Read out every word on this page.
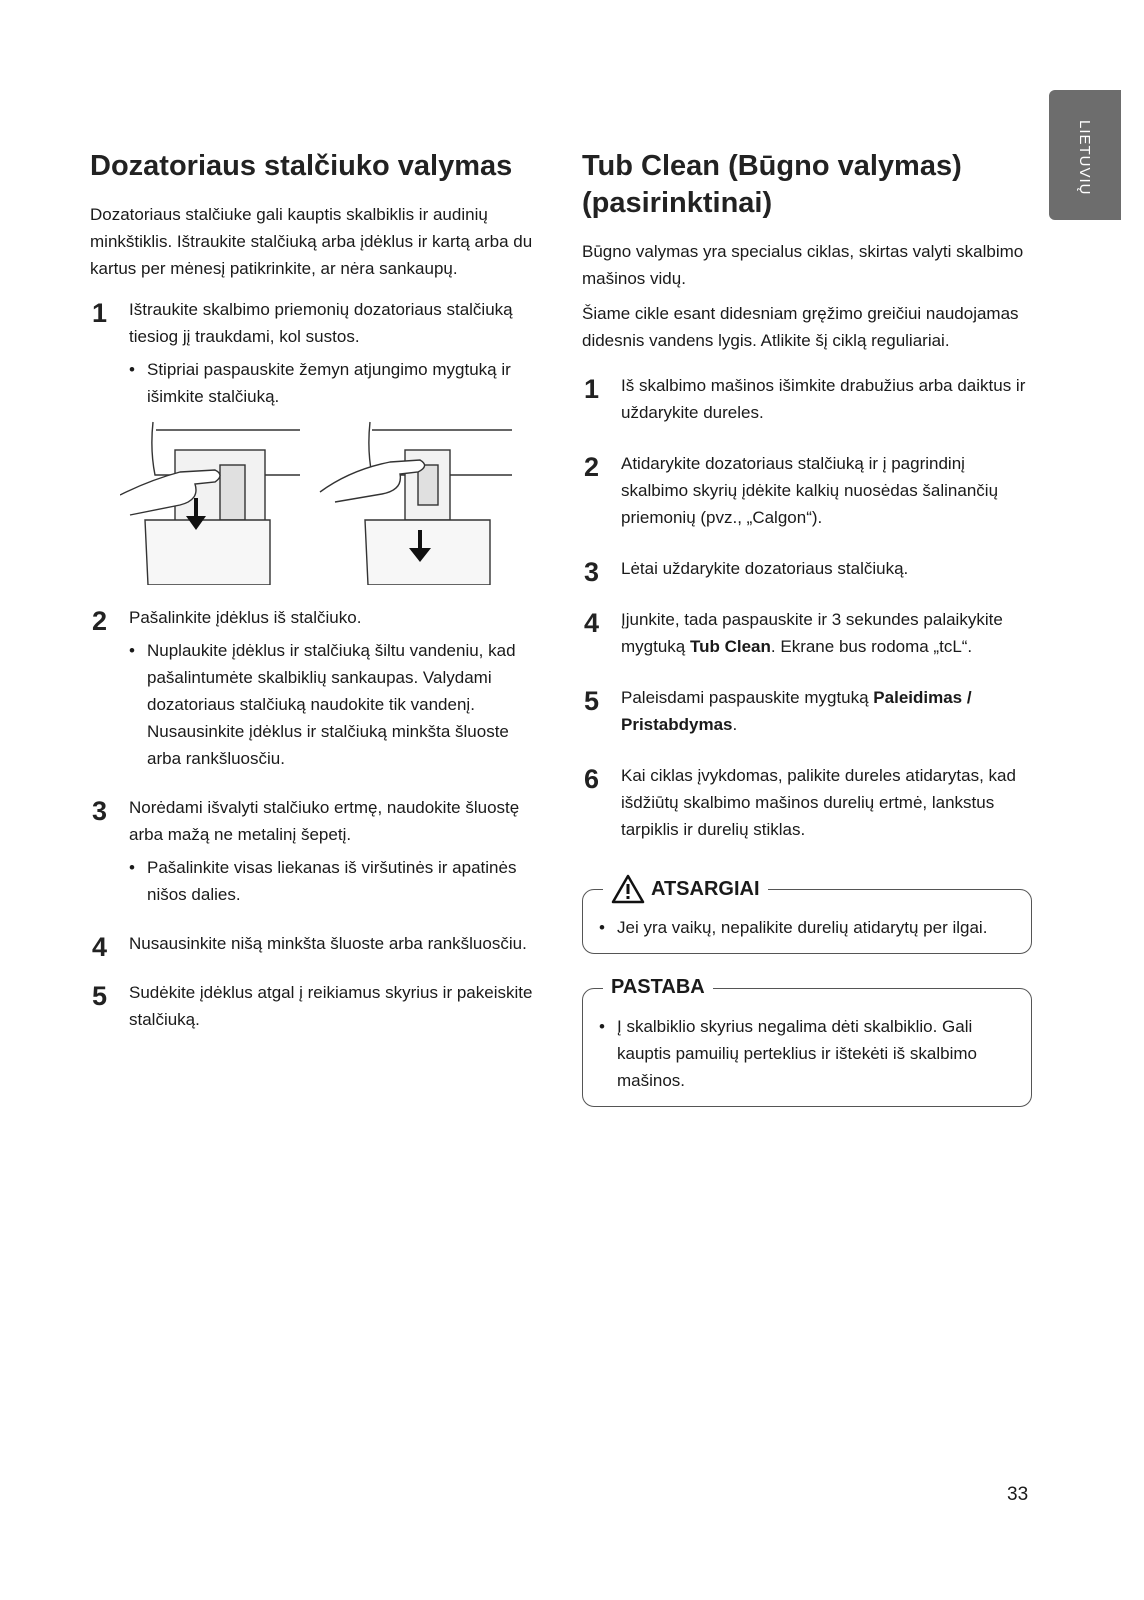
LIETUVIŲ
Dozatoriaus stalčiuko valymas

Dozatoriaus stalčiuke gali kauptis skalbiklis ir audinių minkštiklis. Ištraukite stalčiuką arba įdėklus ir kartą arba du kartus per mėnesį patikrinkite, ar nėra sankaupų.

1 Ištraukite skalbimo priemonių dozatoriaus stalčiuką tiesiog jį traukdami, kol sustos.
• Stipriai paspauskite žemyn atjungimo mygtuką ir išimkite stalčiuką.
2 Pašalinkite įdėklus iš stalčiuko.
• Nuplaukite įdėklus ir stalčiuką šiltu vandeniu, kad pašalintumėte skalbiklių sankaupas. Valydami dozatoriaus stalčiuką naudokite tik vandenį. Nusausinkite įdėklus ir stalčiuką minkšta šluoste arba rankšluosčiu.
3 Norėdami išvalyti stalčiuko ertmę, naudokite šluostę arba mažą ne metalinį šepetį.
• Pašalinkite visas liekanas iš viršutinės ir apatinės nišos dalies.
4 Nusausinkite nišą minkšta šluoste arba rankšluosčiu.
5 Sudėkite įdėklus atgal į reikiamus skyrius ir pakeiskite stalčiuką.
Tub Clean (Būgno valymas)
(pasirinktinai)

Būgno valymas yra specialus ciklas, skirtas valyti skalbimo mašinos vidų.

Šiame cikle esant didesniam gręžimo greičiui naudojamas didesnis vandens lygis. Atlikite šį ciklą reguliariai.

1 Iš skalbimo mašinos išimkite drabužius arba daiktus ir uždarykite dureles.
2 Atidarykite dozatoriaus stalčiuką ir į pagrindinį skalbimo skyrių įdėkite kalkių nuosėdas šalinančių priemonių (pvz., „Calgon“).
3 Lėtai uždarykite dozatoriaus stalčiuką.
4 Įjunkite, tada paspauskite ir 3 sekundes palaikykite mygtuką Tub Clean. Ekrane bus rodoma „tcL“.
5 Paleisdami paspauskite mygtuką Paleidimas / Pristabdymas.
6 Kai ciklas įvykdomas, palikite dureles atidarytas, kad išdžiūtų skalbimo mašinos durelių ertmė, lankstus tarpiklis ir durelių stiklas.
ATSARGIAI
• Jei yra vaikų, nepalikite durelių atidarytų per ilgai.
PASTABA
• Į skalbiklio skyrius negalima dėti skalbiklio. Gali kauptis pamuilių perteklius ir ištekėti iš skalbimo mašinos.
33
